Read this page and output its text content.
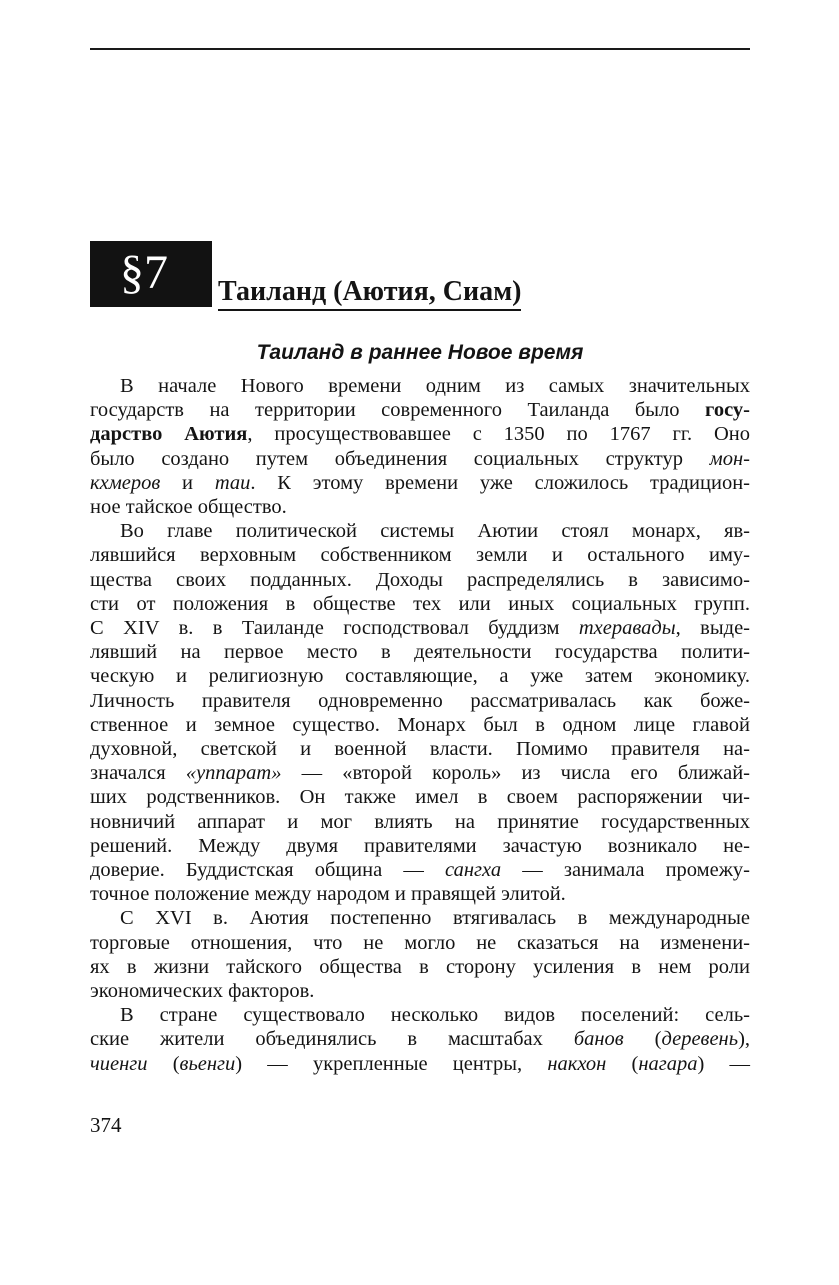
§7 Таиланд (Аютия, Сиам)
Таиланд в раннее Новое время
В начале Нового времени одним из самых значительных
государств на территории современного Таиланда было госу-
дарство Аютия, просуществовавшее с 1350 по 1767 гг. Оно
было создано путем объединения социальных структур мон-
кхмеров и таи. К этому времени уже сложилось традицион-
ное тайское общество.
Во главе политической системы Аютии стоял монарх, яв-
лявшийся верховным собственником земли и остального иму-
щества своих подданных. Доходы распределялись в зависимо-
сти от положения в обществе тех или иных социальных групп.
С XIV в. в Таиланде господствовал буддизм тхеравады, выде-
лявший на первое место в деятельности государства полити-
ческую и религиозную составляющие, а уже затем экономику.
Личность правителя одновременно рассматривалась как боже-
ственное и земное существо. Монарх был в одном лице главой
духовной, светской и военной власти. Помимо правителя на-
значался «уппарат» — «второй король» из числа его ближай-
ших родственников. Он также имел в своем распоряжении чи-
новничий аппарат и мог влиять на принятие государственных
решений. Между двумя правителями зачастую возникало не-
доверие. Буддистская община — сангха — занимала промежу-
точное положение между народом и правящей элитой.
С XVI в. Аютия постепенно втягивалась в международные
торговые отношения, что не могло не сказаться на изменени-
ях в жизни тайского общества в сторону усиления в нем роли
экономических факторов.
В стране существовало несколько видов поселений: сель-
ские жители объединялись в масштабах банов (деревень),
чиенги (вьенги) — укрепленные центры, накхон (нагара) —
374
